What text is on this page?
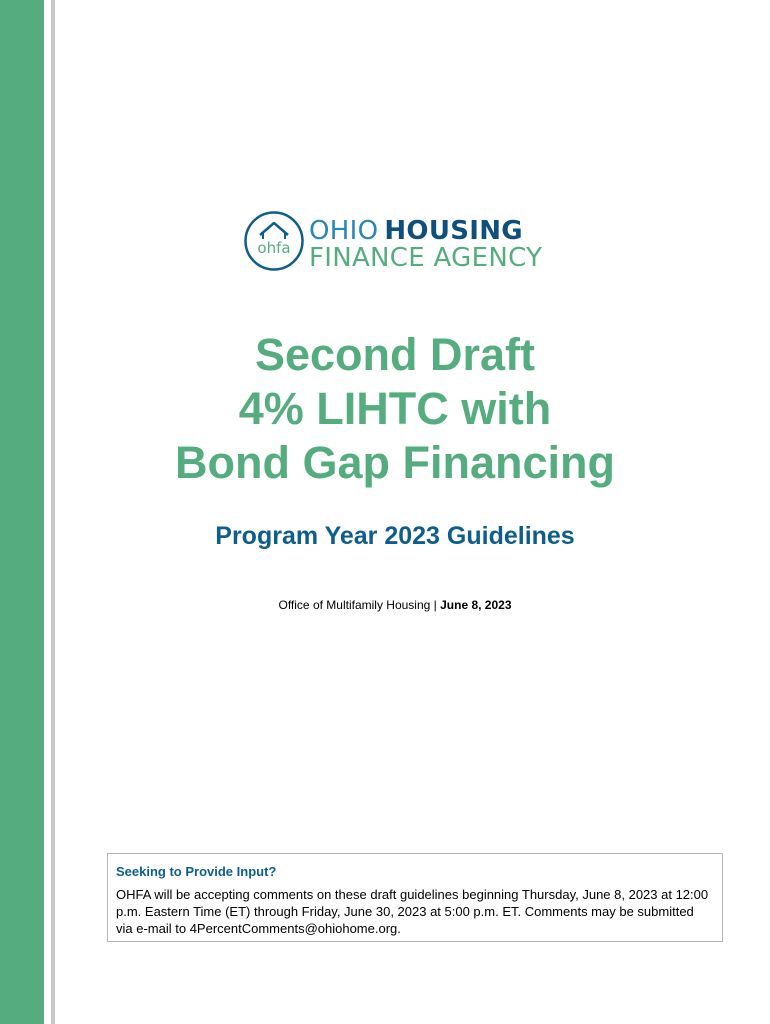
ohfa
OHIO HOUSING
FINANCE AGENCY
Second Draft
4% LIHTC with
Bond Gap Financing
Program Year 2023 Guidelines
Office of Multifamily Housing | June 8, 2023

Seeking to Provide Input?

OHFA will be accepting comments on these draft guidelines beginning Thursday, June 8, 2023 at 12:00 p.m. Eastern Time (ET) through Friday, June 30, 2023 at 5:00 p.m. ET. Comments may be submitted via e-mail to 4PercentComments@ohiohome.org.
